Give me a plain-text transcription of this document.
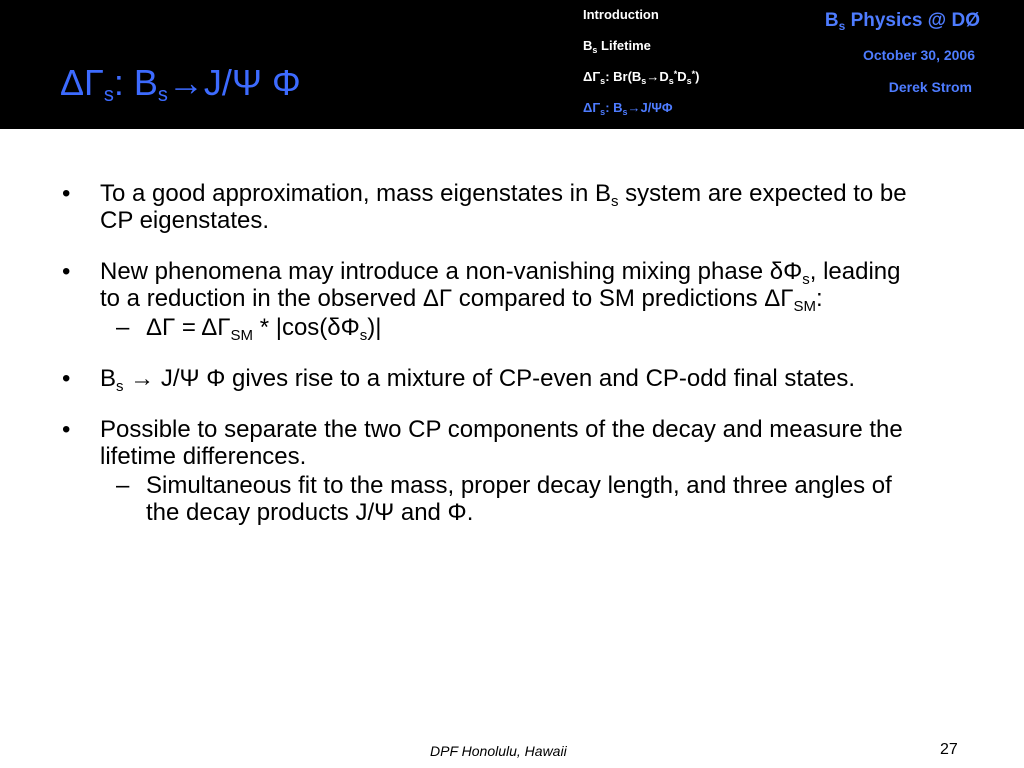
$\Delta\Gamma_s$: $B_s\to J/\Psi$ Φ
Introduction
$B_s$ Lifetime
$\Delta\Gamma_s$: $Br(B_s\to D_s^*D_s^*)$
$\Delta\Gamma_s$: $B_s\to J/\Psi\Phi$
$B_s$ Physics @ DØ
October 30, 2006
Derek Strom
• To a good approximation, mass eigenstates in $B_s$ system are expected to be CP eigenstates.
• New phenomena may introduce a non-vanishing mixing phase $\delta\Phi_s$, leading to a reduction in the observed ΔΓ compared to SM predictions $\Delta\Gamma_{SM}$:
– $\Delta\Gamma = \Delta\Gamma_{SM} * |\cos(\delta\Phi_s)|$
• $B_s \to J/\Psi$ Φ gives rise to a mixture of CP-even and CP-odd final states.
• Possible to separate the two CP components of the decay and measure the lifetime differences.
– Simultaneous fit to the mass, proper decay length, and three angles of the decay products J/Ψ and Φ.
DPF Honolulu, Hawaii	27
